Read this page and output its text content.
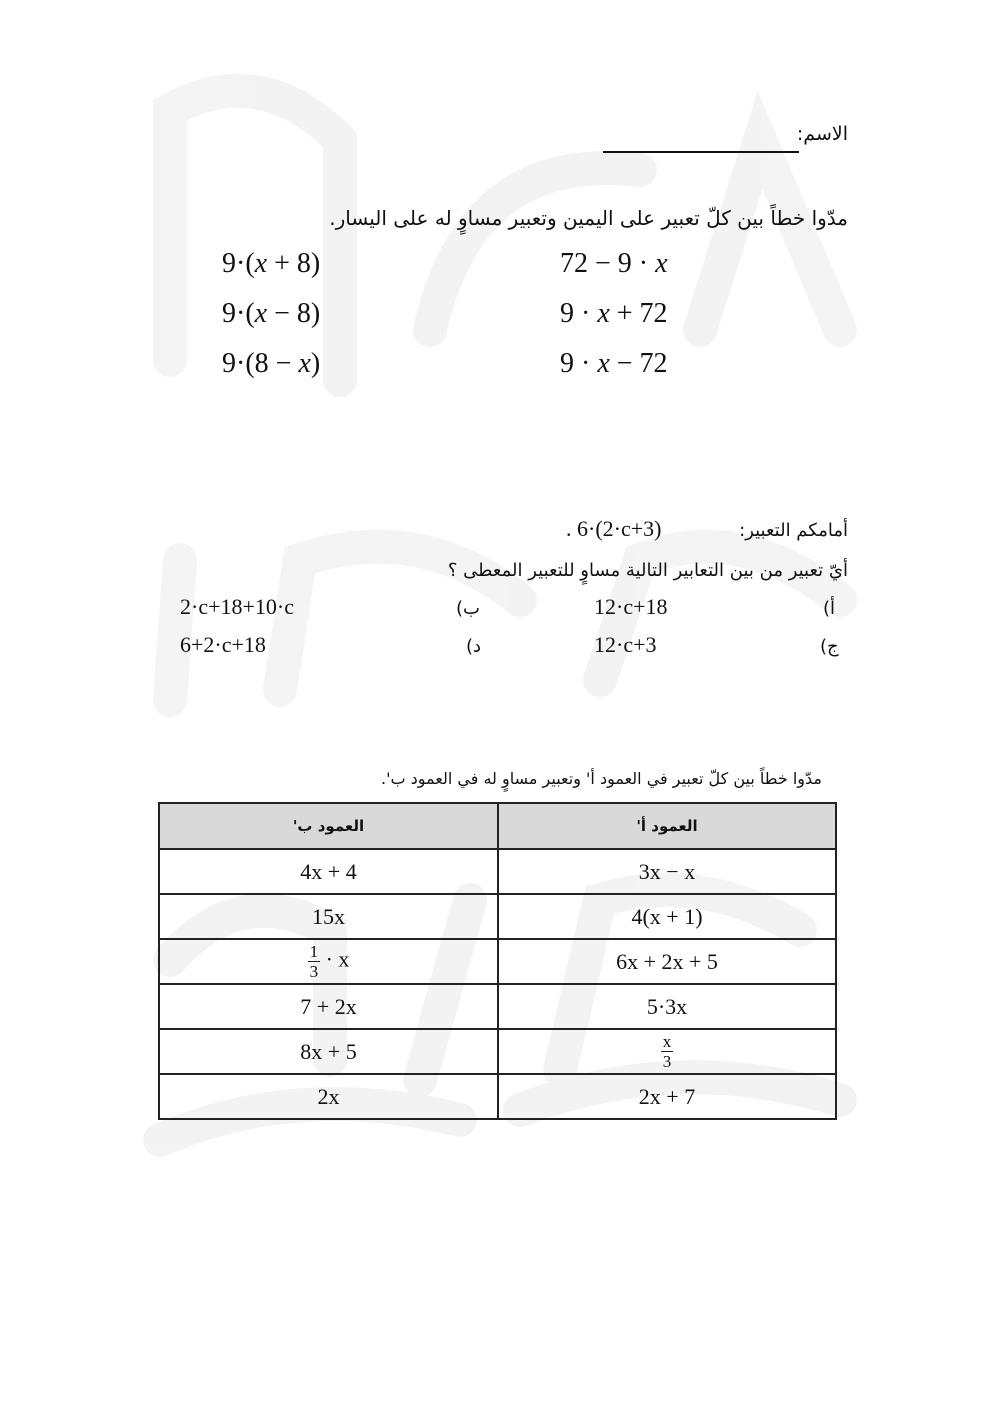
الاسم:
مدّوا خطاً بين كلّ تعبير على اليمين وتعبير مساوٍ له على اليسار.
9·(x + 8)
9·(x − 8)
9·(8 − x)
72 − 9 · x
9 · x + 72
9 · x − 72
أمامكم التعبير:
. 6·(2·c+3)
أيّ تعبير من بين التعابير التالية مساوٍ للتعبير المعطى ؟
(أ
12·c+18
(ب
2·c+18+10·c
(ج
12·c+3
(د
6+2·c+18
مدّوا خطاً بين كلّ تعبير في العمود أ' وتعبير مساوٍ له في العمود ب'.
العمود ب'	العمود أ'
4x + 4	3x − x
15x	4(x + 1)

$\frac{1}{3} \cdot x$	6x + 2x + 5
7 + 2x	5·3x
8x + 5	$\frac{x}{3}$

2x	2x + 7
